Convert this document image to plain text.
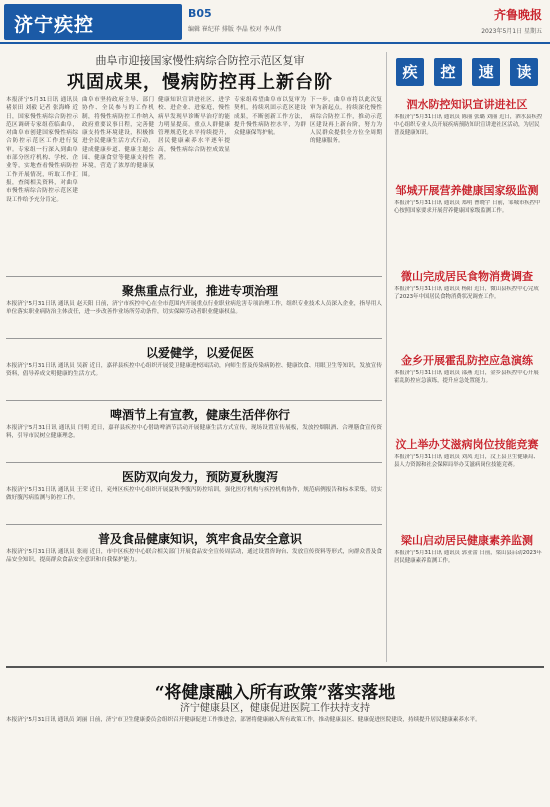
济宁疾控
B05
编辑 崔纪祥 排版 李晶 校对 李从伟
齐鲁晚报
2023年5月1日 星期五
曲阜市迎接国家慢性病综合防控示范区复审
巩固成果，慢病防控再上新台阶
本报济宁5月31日讯 通讯员 褚景田 刘毅 记者 张海峰 近日，国家慢性病综合防控示范区调研专家组莅临曲阜，对曲阜市创建国家慢性病综合防控示范区工作进行复审。专家组一行深入到曲阜市部分医疗机构、学校、企业等，实地查看慢性病防控工作开展情况，听取工作汇报，查阅相关资料，对曲阜市慢性病综合防控示范区建设工作给予充分肯定。
曲阜市坚持政府主导、部门协作、全民参与的工作机制，将慢性病防控工作纳入政府重要议事日程，完善健康支持性环境建设，积极推进全民健康生活方式行动，建成健康步道、健康主题公园、健康食堂等健康支持性环境，营造了浓厚的健康氛围。
健康知识宣讲进社区、进学校、进企业、进家庭，慢性病早发现早诊断早治疗的能力明显提高，重点人群健康管理规范化水平持续提升，居民健康素养水平逐年提高，慢性病综合防控成效显著。
专家组希望曲阜市以复审为契机，持续巩固示范区建设成果，不断创新工作方法，提升慢性病防控水平，为群众健康保驾护航。
下一步，曲阜市将以此次复审为新起点，持续深化慢性病综合防控工作，推动示范区建设再上新台阶，努力为人民群众提供全方位全周期的健康服务。
聚焦重点行业，推进专项治理
本报济宁5月31日讯 通讯员 赵天阳 日前，济宁市疾控中心在全市范围内开展重点行业职业病危害专项治理工作，组织专业技术人员深入企业，指导用人单位落实职业病防治主体责任，进一步改善作业场所劳动条件，切实保障劳动者职业健康权益。
以爱健学，以爱促医
本报济宁5月31日讯 通讯员 吴新 近日，嘉祥县疾控中心组织开展爱卫健康进校园活动，向师生普及传染病防控、健康饮食、用眼卫生等知识，发放宣传资料，倡导养成文明健康的生活方式。
啤酒节上有宣教，健康生活伴你行
本报济宁5月31日讯 通讯员 闫明 近日，嘉祥县疾控中心借助啤酒节活动开展健康生活方式宣传，现场设置宣传展板，发放控烟限酒、合理膳食宣传资料，引导市民树立健康理念。
医防双向发力，预防夏秋腹泻
本报济宁5月31日讯 通讯员 王荣 近日，兖州区疾控中心组织开展夏秋季腹泻防控培训，强化医疗机构与疾控机构协作，规范病例报告和标本采集，切实做好腹泻病监测与防控工作。
普及食品健康知识，筑牢食品安全意识
本报济宁5月31日讯 通讯员 张雨 近日，市中区疾控中心联合相关部门开展食品安全宣传周活动，通过设置咨询台、发放宣传资料等形式，向群众普及食品安全知识，提高群众食品安全意识和自我保护能力。
疾	控	速	读
泗水防控知识宣讲进社区
本报济宁5月31日讯 通讯员 陈丽 张璐 刘丽 近日，泗水县疾控中心组织专业人员开展疾病预防知识宣讲进社区活动，为居民普及健康知识。
邹城开展营养健康国家级监测
本报济宁5月31日讯 通讯员 郑明 曹晓宇 日前，邹城市疾控中心按照国家要求开展营养健康国家级监测工作。
微山完成居民食物消费调查
本报济宁5月31日讯 通讯员 杨阳 近日，微山县疾控中心完成了2023年中国居民食物消费状况调查工作。
金乡开展霍乱防控应急演练
本报济宁5月31日讯 通讯员 邵燕 近日，金乡县疾控中心开展霍乱防控应急演练，提升应急处置能力。
汶上举办艾滋病岗位技能竞赛
本报济宁5月31日讯 通讯员 刘凤 近日，汶上县卫生健康局、县人力资源和社会保障局举办艾滋病岗位技能竞赛。
梁山启动居民健康素养监测
本报济宁5月31日讯 通讯员 郭亚蕾 日前，梁山县启动2023年居民健康素养监测工作。
“将健康融入所有政策”落实落地
济宁健康县区，健康促进医院工作扶持支持
本报济宁5月31日讯 通讯员 刘丽 日前，济宁市卫生健康委员会组织召开健康促进工作推进会，部署将健康融入所有政策工作，推动健康县区、健康促进医院建设，持续提升居民健康素养水平。
